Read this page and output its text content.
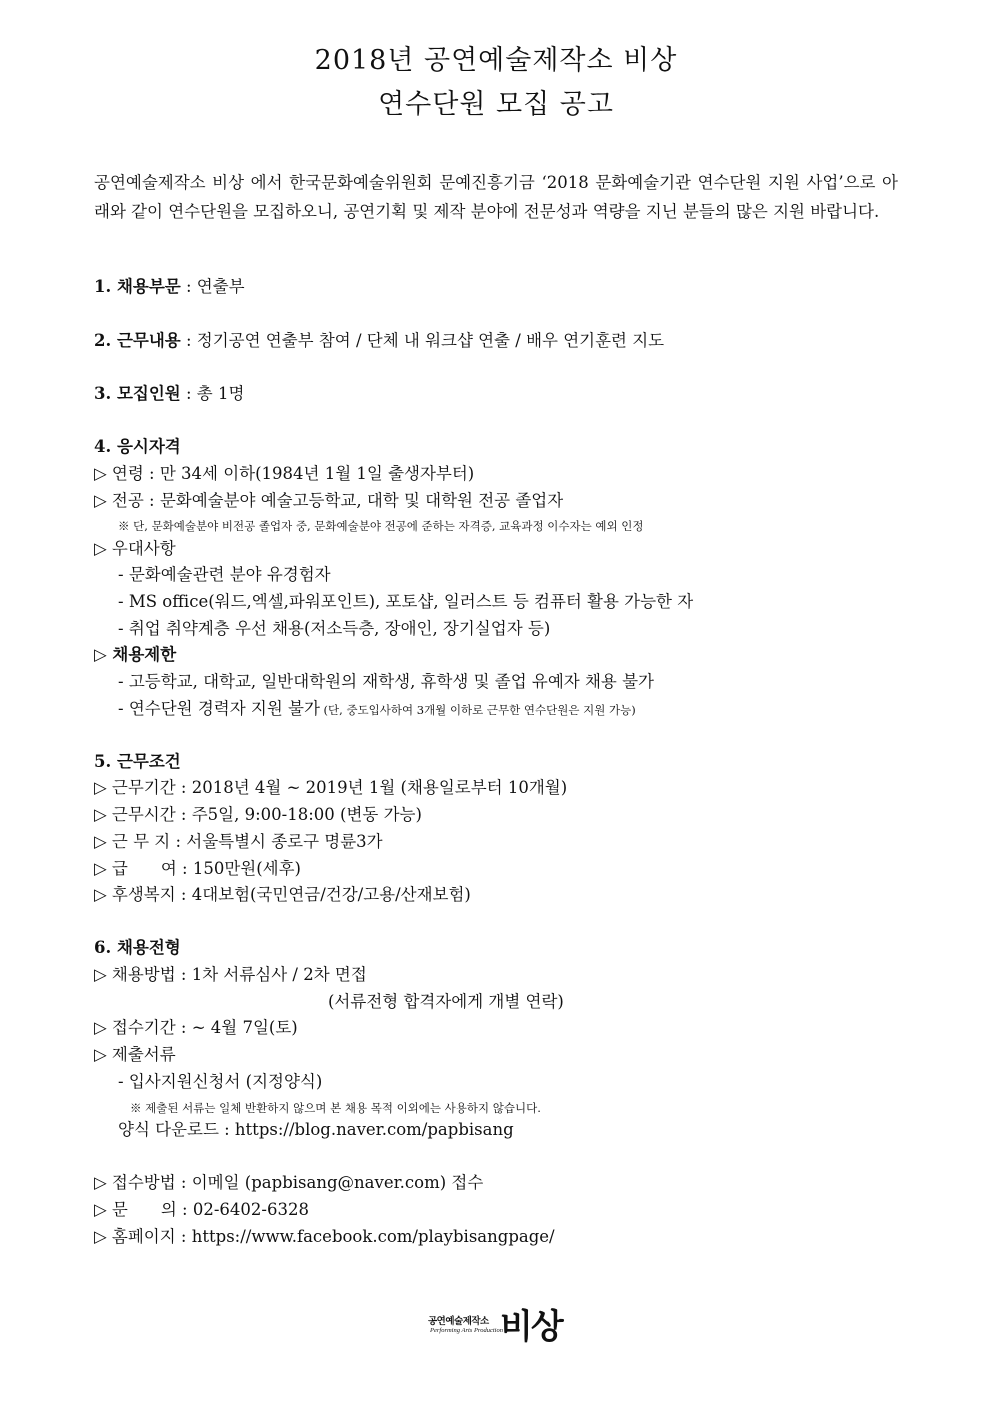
2018년 공연예술제작소 비상
연수단원 모집 공고
공연예술제작소 비상 에서 한국문화예술위원회 문예진흥기금 ‘2018 문화예술기관 연수단원 지원 사업’으로 아래와 같이 연수단원을 모집하오니, 공연기획 및 제작 분야에 전문성과 역량을 지닌 분들의 많은 지원 바랍니다.
1. 채용부문 : 연출부
2. 근무내용 : 정기공연 연출부 참여 / 단체 내 워크샵 연출 / 배우 연기훈련 지도
3. 모집인원 : 총 1명
4. 응시자격
▷ 연령 : 만 34세 이하(1984년 1월 1일 출생자부터)
▷ 전공 : 문화예술분야 예술고등학교, 대학 및 대학원 전공 졸업자
※ 단, 문화예술분야 비전공 졸업자 중, 문화예술분야 전공에 준하는 자격증, 교육과정 이수자는 예외 인정
▷ 우대사항
- 문화예술관련 분야 유경험자
- MS office(워드,엑셀,파워포인트), 포토샵, 일러스트 등 컴퓨터 활용 가능한 자
- 취업 취약계층 우선 채용(저소득층, 장애인, 장기실업자 등)
▷ 채용제한
- 고등학교, 대학교, 일반대학원의 재학생, 휴학생 및 졸업 유예자 채용 불가
- 연수단원 경력자 지원 불가 (단, 중도입사하여 3개월 이하로 근무한 연수단원은 지원 가능)
5. 근무조건
▷ 근무기간 : 2018년 4월 ~ 2019년 1월 (채용일로부터 10개월)
▷ 근무시간 : 주5일, 9:00-18:00 (변동 가능)
▷ 근 무 지 : 서울특별시 종로구 명륜3가
▷ 급　　여 : 150만원(세후)
▷ 후생복지 : 4대보험(국민연금/건강/고용/산재보험)
6. 채용전형
▷ 채용방법 : 1차 서류심사 / 2차 면접
(서류전형 합격자에게 개별 연락)
▷ 접수기간 : ~ 4월 7일(토)
▷ 제출서류
- 입사지원신청서 (지정양식)
※ 제출된 서류는 일체 반환하지 않으며 본 채용 목적 이외에는 사용하지 않습니다.
양식 다운로드 : https://blog.naver.com/papbisang
▷ 접수방법 : 이메일 (papbisang@naver.com) 접수
▷ 문　　의 : 02-6402-6328
▷ 홈페이지 : https://www.facebook.com/playbisangpage/
공연예술제작소
Performing Arts Production
비상
